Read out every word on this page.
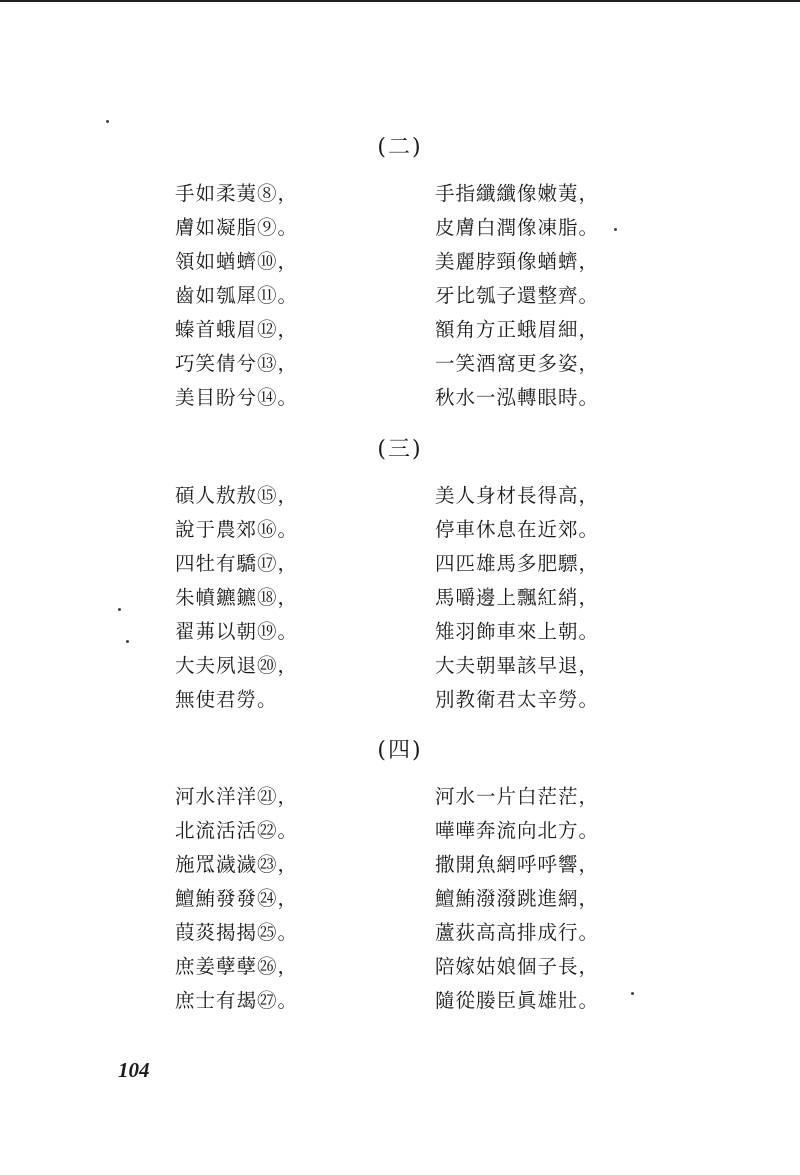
(二)
手如柔荑⑧，	手指纖纖像嫩荑，
膚如凝脂⑨。	皮膚白潤像凍脂。
領如蝤蠐⑩，	美麗脖頸像蝤蠐，
齒如瓠犀⑪。	牙比瓠子還整齊。
螓首蛾眉⑫，	額角方正蛾眉細，
巧笑倩兮⑬，	一笑酒窩更多姿，
美目盼兮⑭。	秋水一泓轉眼時。
(三)
碩人敖敖⑮，	美人身材長得高，
說于農郊⑯。	停車休息在近郊。
四牡有驕⑰，	四匹雄馬多肥驃，
朱幩鑣鑣⑱，	馬嚼邊上飄紅綃，
翟茀以朝⑲。	雉羽飾車來上朝。
大夫夙退⑳，	大夫朝畢該早退，
無使君勞。	別教衛君太辛勞。
(四)
河水洋洋㉑，	河水一片白茫茫，
北流活活㉒。	嘩嘩奔流向北方。
施罛濊濊㉓，	撒開魚網呼呼響，
鱣鮪發發㉔，	鱣鮪潑潑跳進網，
葭菼揭揭㉕。	蘆荻高高排成行。
庶姜孽孽㉖，	陪嫁姑娘個子長，
庶士有朅㉗。	隨從媵臣眞雄壯。
104
